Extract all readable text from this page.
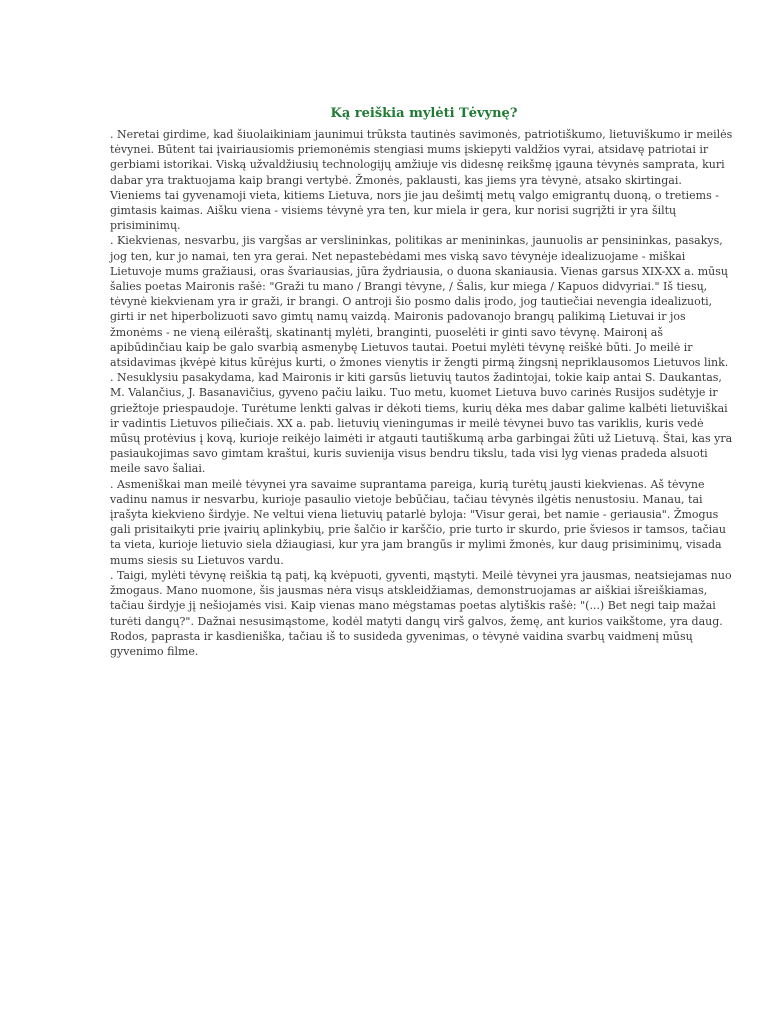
Ką reiškia mylėti Tėvynę?

. Neretai girdime, kad šiuolaikiniam jaunimui trūksta tautinės savimonės, patriotiškumo, lietuviškumo ir meilės tėvynei. Būtent tai įvairiausiomis priemonėmis stengiasi mums įskiepyti valdžios vyrai, atsidavę patriotai ir gerbiami istorikai. Viską užvaldžiusių technologijų amžiuje vis didesnę reikšmę įgauna tėvynės samprata, kuri dabar yra traktuojama kaip brangi vertybė. Žmonės, paklausti, kas jiems yra tėvynė, atsako skirtingai. Vieniems tai gyvenamoji vieta, kitiems Lietuva, nors jie jau dešimtį metų valgo emigrantų duoną, o tretiems - gimtasis kaimas. Aišku viena - visiems tėvynė yra ten, kur miela ir gera, kur norisi sugrįžti ir yra šiltų prisiminimų.

. Kiekvienas, nesvarbu, jis vargšas ar verslininkas, politikas ar menininkas, jaunuolis ar pensininkas, pasakys, jog ten, kur jo namai, ten yra gerai. Net nepastebėdami mes viską savo tėvynėje idealizuojame - miškai Lietuvoje mums gražiausi, oras švariausias, jūra žydriausia, o duona skaniausia. Vienas garsus XIX-XX a. mūsų šalies poetas Maironis rašė: "Graži tu mano / Brangi tėvyne, / Šalis, kur miega / Kapuos didvyriai." Iš tiesų, tėvynė kiekvienam yra ir graži, ir brangi. O antroji šio posmo dalis įrodo, jog tautiečiai nevengia idealizuoti, girti ir net hiperbolizuoti savo gimtų namų vaizdą. Maironis padovanojo brangų palikimą Lietuvai ir jos žmonėms - ne vieną eilėraštį, skatinantį mylėti, branginti, puoselėti ir ginti savo tėvynę. Maironį aš apibūdinčiau kaip be galo svarbią asmenybę Lietuvos tautai. Poetui mylėti tėvynę reiškė būti. Jo meilė ir atsidavimas įkvėpė kitus kūrėjus kurti, o žmones vienytis ir žengti pirmą žingsnį nepriklausomos Lietuvos link.

. Nesuklysiu pasakydama, kad Maironis ir kiti garsūs lietuvių tautos žadintojai, tokie kaip antai S. Daukantas, M. Valančius, J. Basanavičius, gyveno pačiu laiku. Tuo metu, kuomet Lietuva buvo carinės Rusijos sudėtyje ir griežtoje priespaudoje. Turėtume lenkti galvas ir dėkoti tiems, kurių dėka mes dabar galime kalbėti lietuviškai ir vadintis Lietuvos piliečiais. XX a. pab. lietuvių vieningumas ir meilė tėvynei buvo tas variklis, kuris vedė mūsų protėvius į kovą, kurioje reikėjo laimėti ir atgauti tautiškumą arba garbingai žūti už Lietuvą. Štai, kas yra pasiaukojimas savo gimtam kraštui, kuris suvienija visus bendru tikslu, tada visi lyg vienas pradeda alsuoti meile savo šaliai.

. Asmeniškai man meilė tėvynei yra savaime suprantama pareiga, kurią turėtų jausti kiekvienas. Aš tėvyne vadinu namus ir nesvarbu, kurioje pasaulio vietoje bebūčiau, tačiau tėvynės ilgėtis nenustosiu. Manau, tai įrašyta kiekvieno širdyje. Ne veltui viena lietuvių patarlė byloja: "Visur gerai, bet namie - geriausia". Žmogus gali prisitaikyti prie įvairių aplinkybių, prie šalčio ir karščio, prie turto ir skurdo, prie šviesos ir tamsos, tačiau ta vieta, kurioje lietuvio siela džiaugiasi, kur yra jam brangūs ir mylimi žmonės, kur daug prisiminimų, visada mums siesis su Lietuvos vardu.

. Taigi, mylėti tėvynę reiškia tą patį, ką kvėpuoti, gyventi, mąstyti. Meilė tėvynei yra jausmas, neatsiejamas nuo žmogaus. Mano nuomone, šis jausmas nėra visųs atskleidžiamas, demonstruojamas ar aiškiai išreiškiamas, tačiau širdyje jį nešiojamės visi. Kaip vienas mano mėgstamas poetas alytiškis rašė: "(...) Bet negi taip mažai turėti dangų?". Dažnai nesusimąstome, kodėl matyti dangų virš galvos, žemę, ant kurios vaikštome, yra daug. Rodos, paprasta ir kasdieniška, tačiau iš to susideda gyvenimas, o tėvynė vaidina svarbų vaidmenį mūsų gyvenimo filme.
